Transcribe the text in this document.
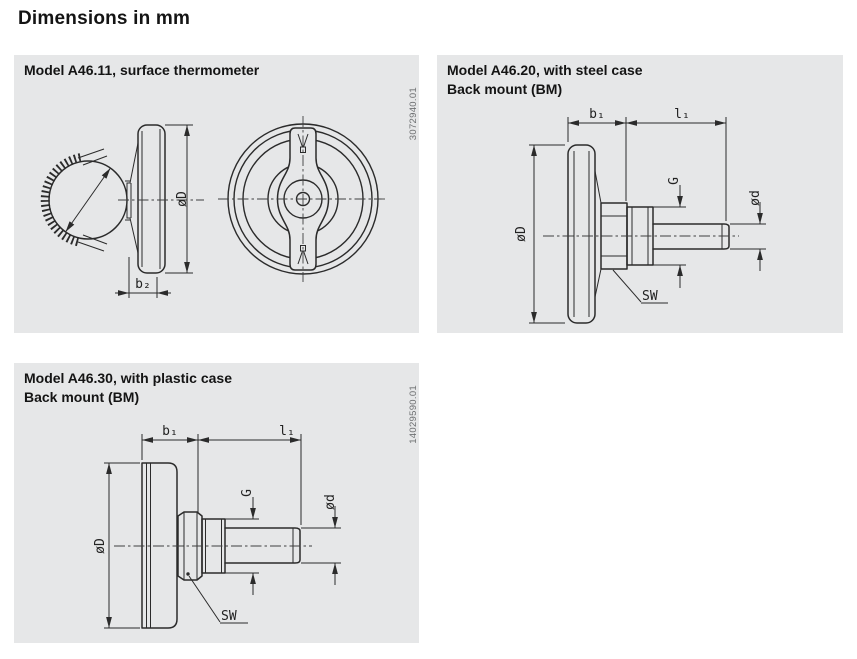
Dimensions in mm
Model A46.11, surface thermometer
3072940.01
øD
b₂
Model A46.20, with steel case
Back mount (BM)
b₁	l₁
øD
G
ød
SW
Model A46.30, with plastic case
Back mount (BM)	14029590.01
b₁	l₁
øD
G
ød
SW
